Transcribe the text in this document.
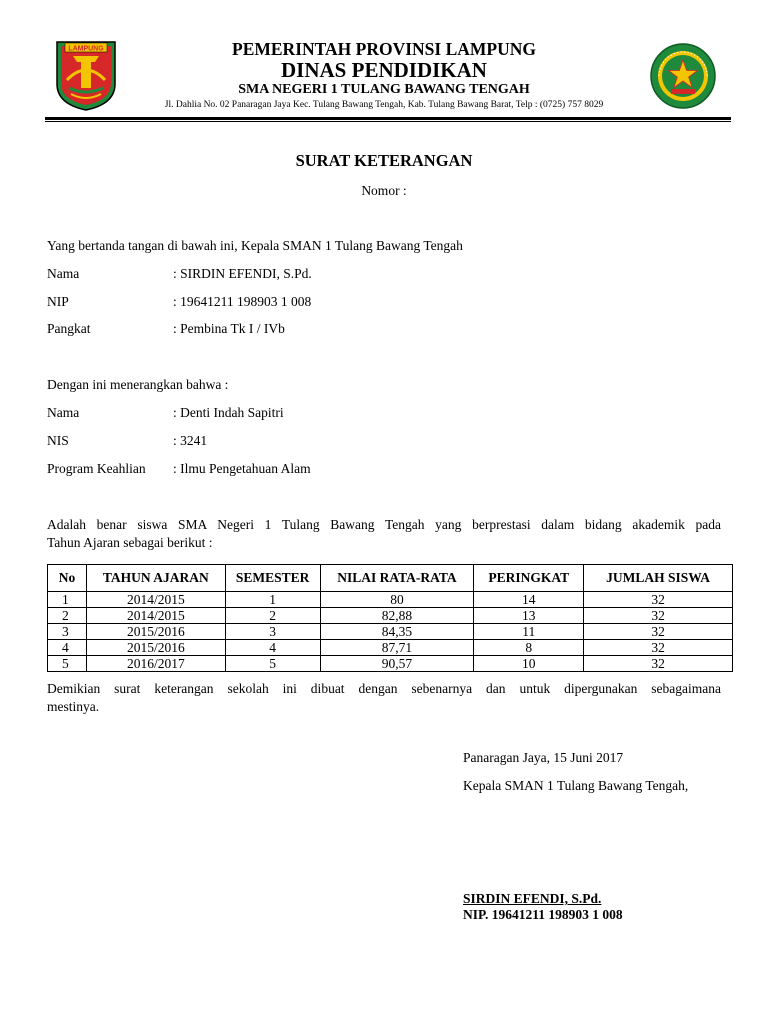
LAMPUNG	PEMERINTAH PROVINSI LAMPUNG
DINAS PENDIDIKAN
SMA NEGERI 1 TULANG BAWANG TENGAH
Jl. Dahlia No. 02 Panaragan Jaya Kec. Tulang Bawang Tengah, Kab. Tulang Bawang Barat, Telp : (0725) 757 8029
SURAT KETERANGAN
Nomor :
Yang bertanda tangan di bawah ini, Kepala SMAN 1 Tulang Bawang Tengah
Nama	: SIRDIN EFENDI, S.Pd.
NIP	: 19641211 198903 1 008
Pangkat	: Pembina Tk I / IVb
Dengan ini menerangkan bahwa :
Nama	: Denti Indah Sapitri
NIS	: 3241
Program Keahlian : Ilmu Pengetahuan Alam
Adalah benar siswa SMA Negeri 1 Tulang Bawang Tengah yang berprestasi dalam bidang akademik pada
Tahun Ajaran sebagai berikut :
No	TAHUN AJARAN	SEMESTER	NILAI RATA-RATA	PERINGKAT	JUMLAH SISWA
1	2014/2015	1	80	14	32
2	2014/2015	2	82,88	13	32
3	2015/2016	3	84,35	11	32
4	2015/2016	4	87,71	8	32
5	2016/2017	5	90,57	10	32
Demikian surat keterangan sekolah ini dibuat dengan sebenarnya dan untuk dipergunakan sebagaimana
mestinya.
Panaragan Jaya, 15 Juni 2017
Kepala SMAN 1 Tulang Bawang Tengah,
SIRDIN EFENDI, S.Pd.
NIP. 19641211 198903 1 008
